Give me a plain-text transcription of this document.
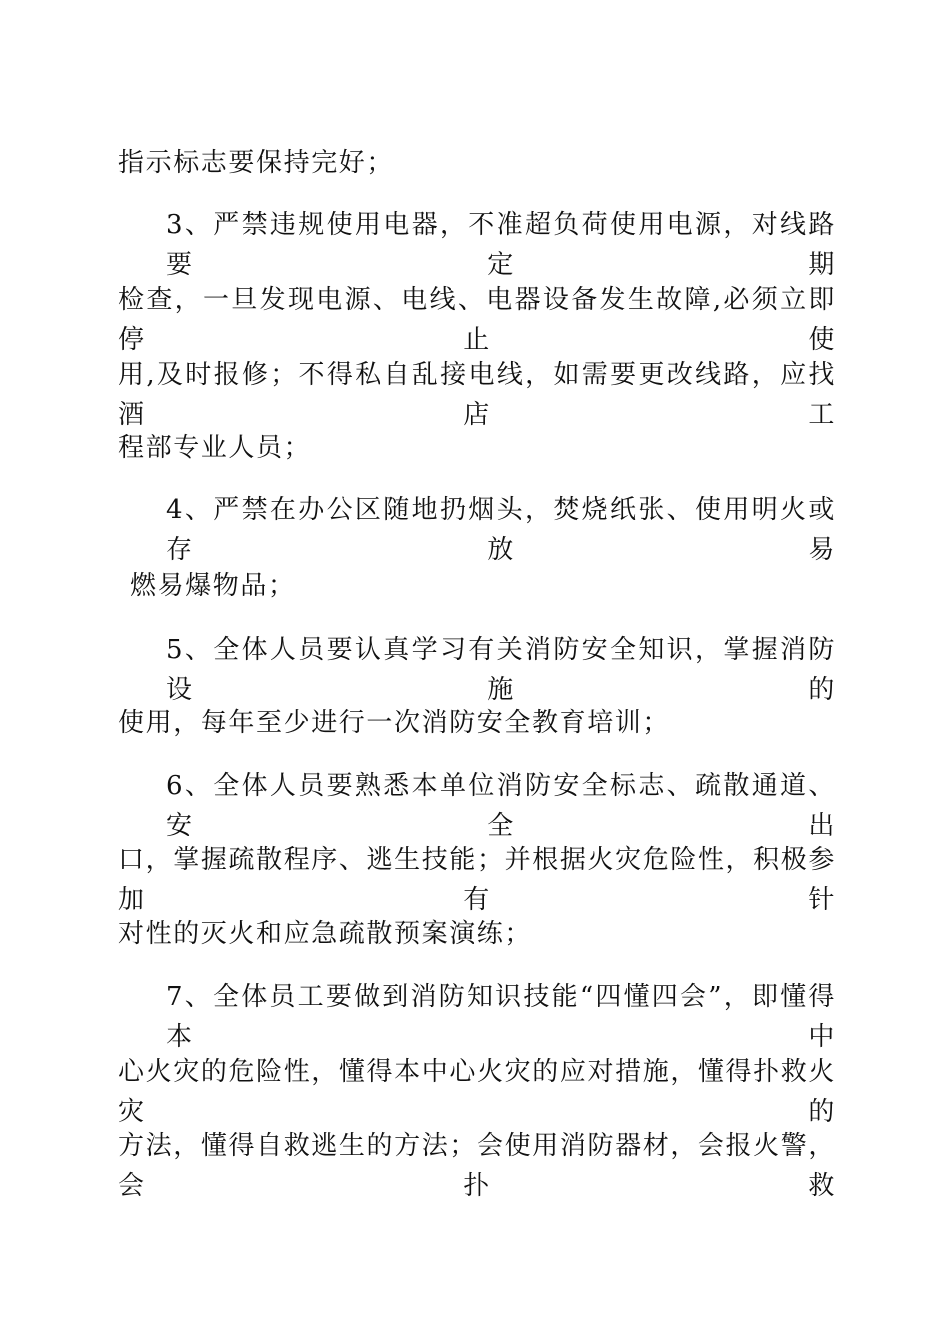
指示标志要保持完好；
3、严禁违规使用电器，不准超负荷使用电源，对线路要定期
检查，一旦发现电源、电线、电器设备发生故障,必须立即停止使
用,及时报修；不得私自乱接电线，如需要更改线路，应找酒店工
程部专业人员；
4、严禁在办公区随地扔烟头，焚烧纸张、使用明火或存放易
燃易爆物品；
5、全体人员要认真学习有关消防安全知识，掌握消防设施的
使用，每年至少进行一次消防安全教育培训；
6、全体人员要熟悉本单位消防安全标志、疏散通道、安全出
口，掌握疏散程序、逃生技能；并根据火灾危险性，积极参加有针
对性的灭火和应急疏散预案演练；
7、全体员工要做到消防知识技能“四懂四会”，即懂得本中
心火灾的危险性，懂得本中心火灾的应对措施，懂得扑救火灾的
方法，懂得自救逃生的方法；会使用消防器材，会报火警，会扑救
